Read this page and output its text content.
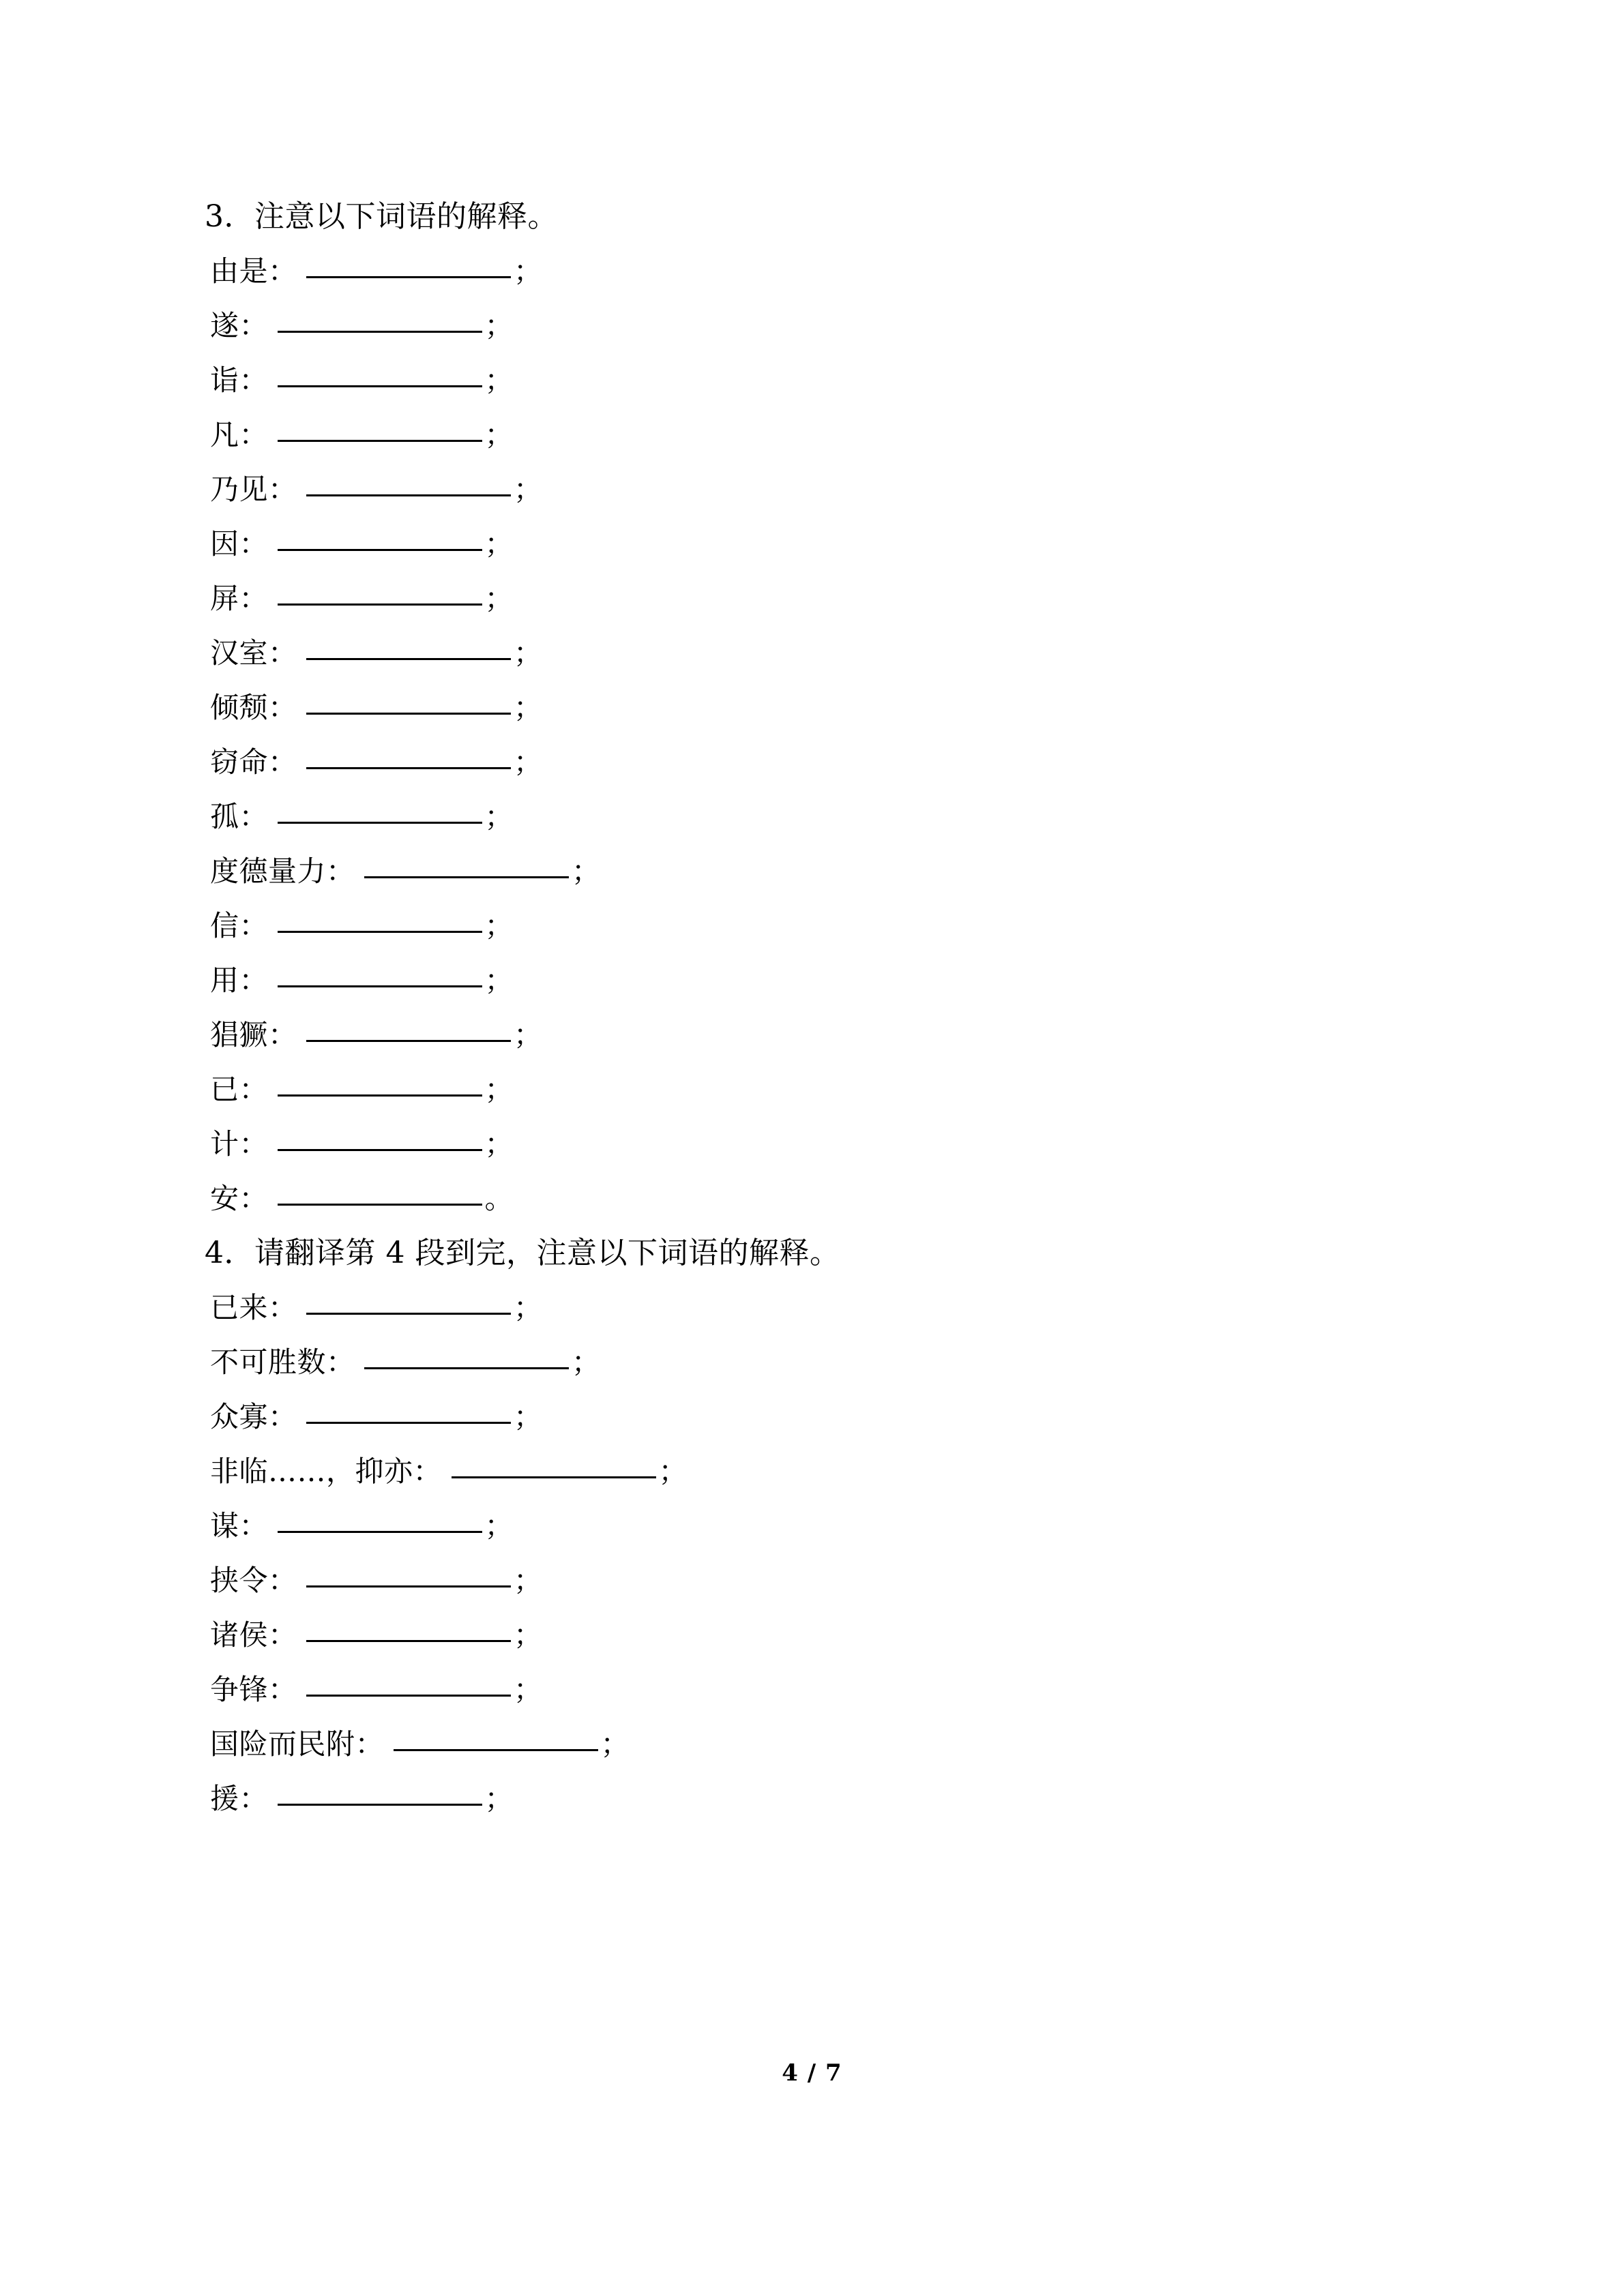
3．注意以下词语的解释。
由是 ：	；
遂 ：	；
诣 ：	；
凡 ：	；
乃见 ：	；
因 ：	；
屏 ：	；
汉室 ：	；
倾颓 ：	；
窃命 ：	；
孤 ：	；
度德量力 ：	；
信 ：	；
用 ：	；
猖獗 ：	；
已 ：	；
计 ：	；
安 ：	。
4．请翻译第 4 段到完，注意以下词语的解释。
已来 ：	；
不可胜数 ：	；
众寡 ：	；
非临……，抑亦 ：	；
谋 ：	；
挟令 ：	；
诸侯 ：	；
争锋 ：	；
国险而民附 ：	；
援 ：	；
4 / 7
